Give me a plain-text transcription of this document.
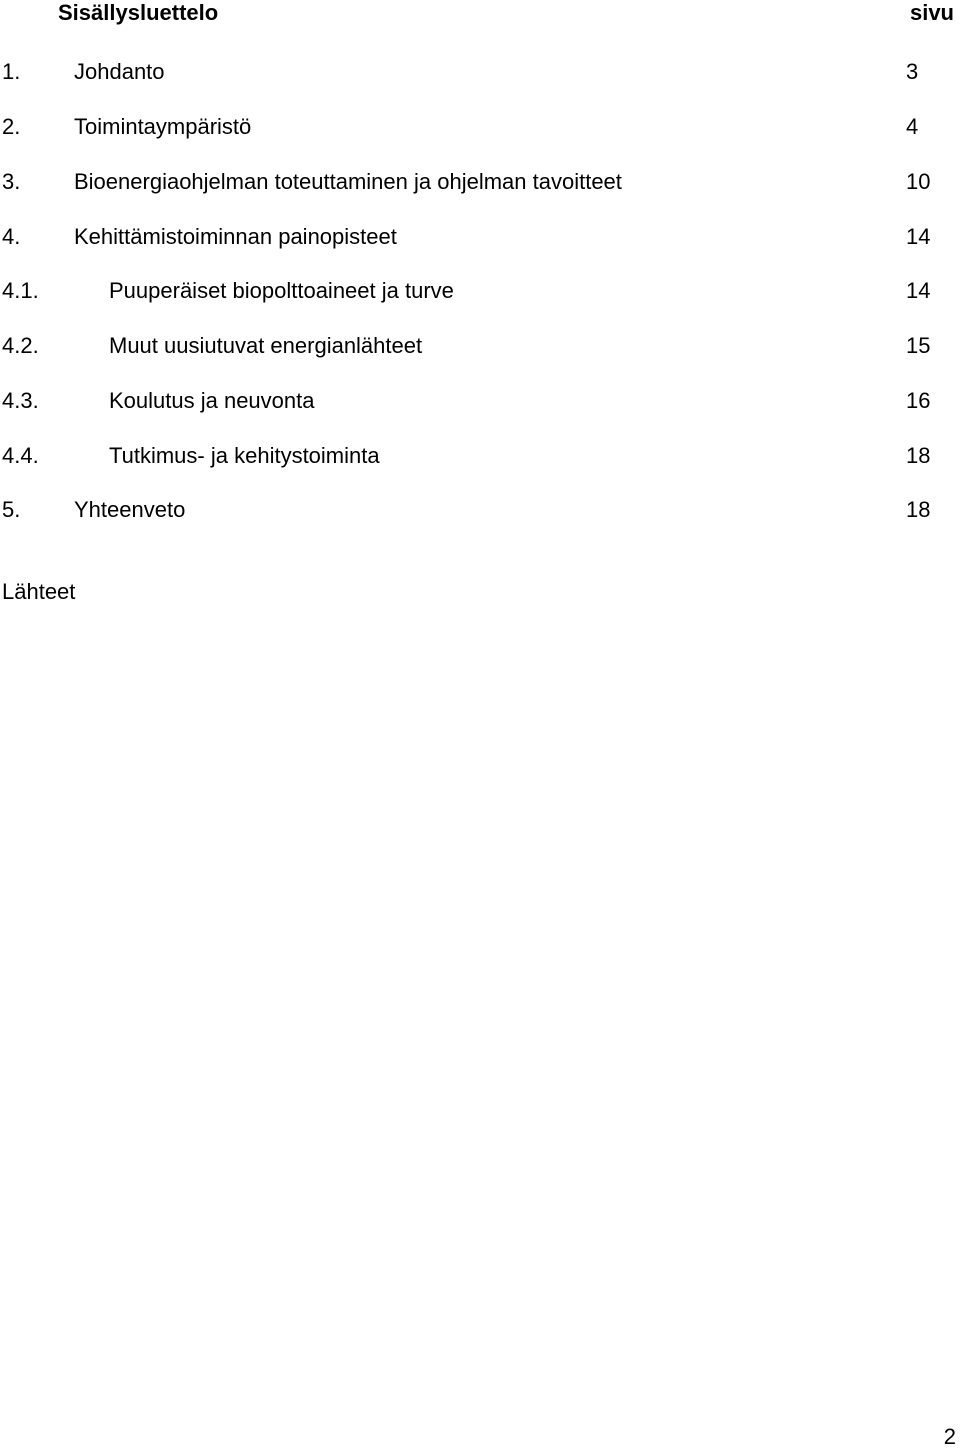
Sisällysluettelo	sivu
1. Johdanto	3
2. Toimintaympäristö	4
3. Bioenergiaohjelman toteuttaminen ja ohjelman tavoitteet	10
4. Kehittämistoiminnan painopisteet	14
4.1.	Puuperäiset biopolttoaineet ja turve	14
4.2.	Muut uusiutuvat energianlähteet	15
4.3.	Koulutus ja neuvonta	16
4.4.	Tutkimus- ja kehitystoiminta	18
5. Yhteenveto	18
Lähteet
2
